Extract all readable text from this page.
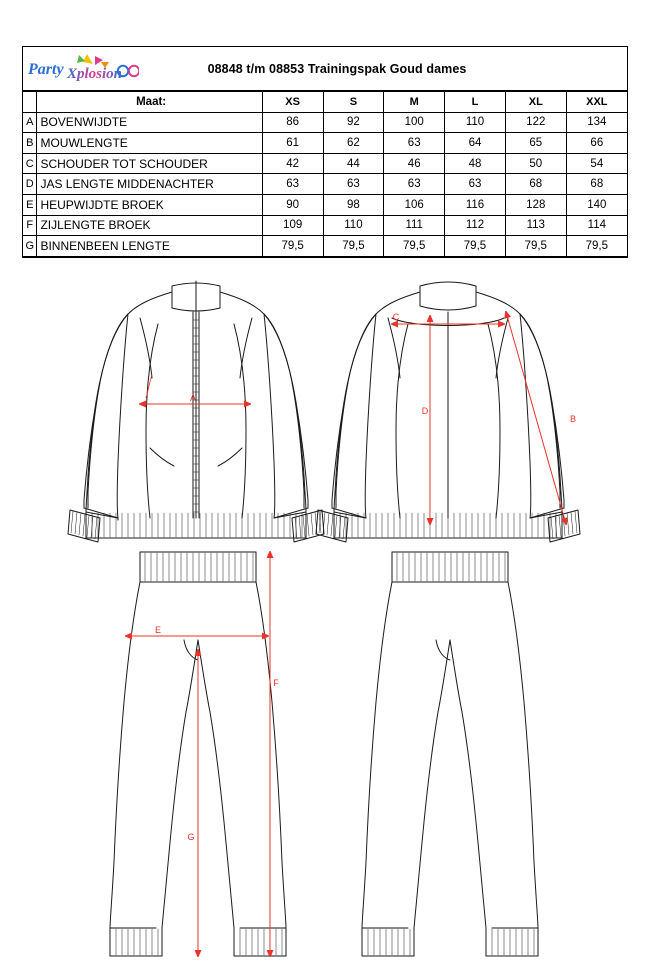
Party Xplosion	08848 t/m 08853 Trainingspak Goud dames
	Maat:	XS	S	M	L	XL	XXL
A	BOVENWIJDTE	86	92	100	110	122	134
B	MOUWLENGTE	61	62	63	64	65	66
C	SCHOUDER TOT SCHOUDER	42	44	46	48	50	54
D	JAS LENGTE MIDDENACHTER	63	63	63	63	68	68
E	HEUPWIJDTE BROEK	90	98	106	116	128	140
F	ZIJLENGTE BROEK	109	110	111	112	113	114
G	BINNENBEEN LENGTE	79,5	79,5	79,5	79,5	79,5	79,5
A
C
D
B
E
F
G
